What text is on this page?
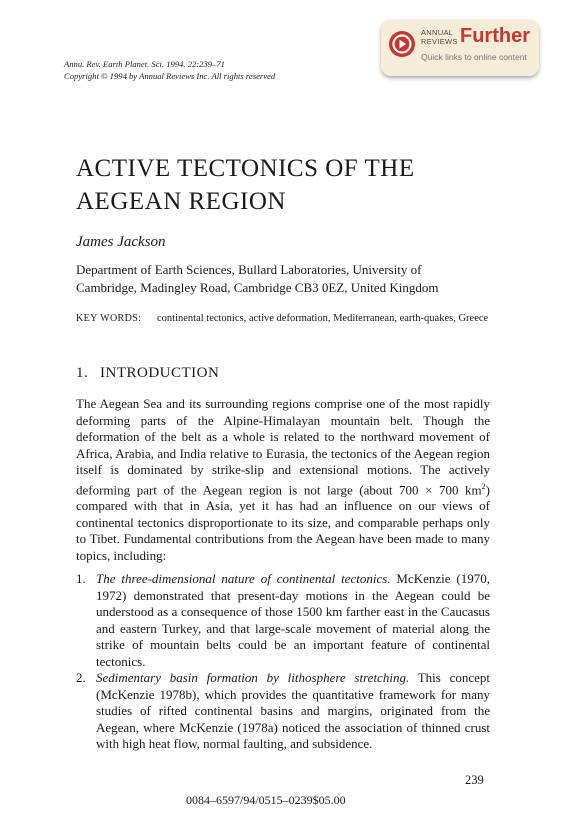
Annu. Rev. Earth Planet. Sci. 1994. 22:239–71
Copyright © 1994 by Annual Reviews Inc. All rights reserved
ANNUAL
REVIEWS Further
Quick links to online content
ACTIVE TECTONICS OF THE
AEGEAN REGION
James Jackson
Department of Earth Sciences, Bullard Laboratories, University of
Cambridge, Madingley Road, Cambridge CB3 0EZ, United Kingdom
KEY WORDS: continental tectonics, active deformation, Mediterranean, earth-quakes, Greece
1. INTRODUCTION
The Aegean Sea and its surrounding regions comprise one of the most rapidly deforming parts of the Alpine-Himalayan mountain belt. Though the deformation of the belt as a whole is related to the northward movement of Africa, Arabia, and India relative to Eurasia, the tectonics of the Aegean region itself is dominated by strike-slip and extensional motions. The actively deforming part of the Aegean region is not large (about 700 × 700 $km^2$) compared with that in Asia, yet it has had an influence on our views of continental tectonics disproportionate to its size, and comparable perhaps only to Tibet. Fundamental contributions from the Aegean have been made to many topics, including:
1. The three-dimensional nature of continental tectonics. McKenzie (1970, 1972) demonstrated that present-day motions in the Aegean could be understood as a consequence of those 1500 km farther east in the Caucasus and eastern Turkey, and that large-scale movement of material along the strike of mountain belts could be an important feature of continental tectonics.
2. Sedimentary basin formation by lithosphere stretching. This concept (McKenzie 1978b), which provides the quantitative framework for many studies of rifted continental basins and margins, originated from the Aegean, where McKenzie (1978a) noticed the association of thinned crust with high heat flow, normal faulting, and subsidence.
239
0084–6597/94/0515–0239$05.00
